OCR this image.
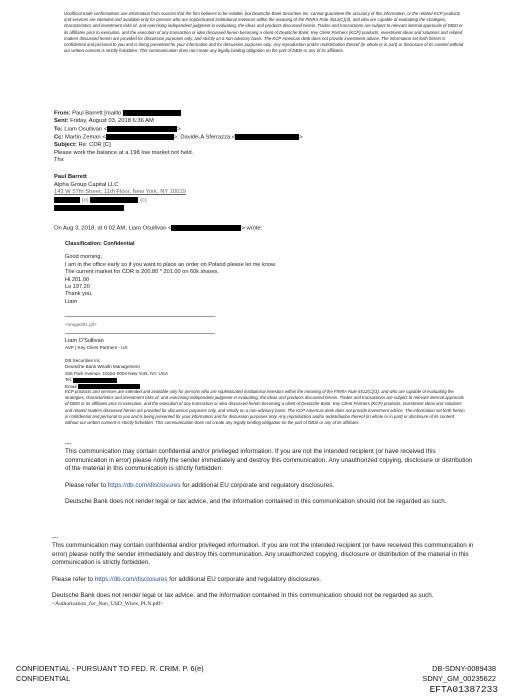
Unofficial trade confirmations use information from sources that the firm believes to be reliable, but Deutsche Bank Securities Inc. cannot guarantee the accuracy of this information, or the related KCP products and services are intended and available only for persons who are sophisticated institutional investors within the meaning of the FINRA Rule 4512(C)(3), and who are capable of evaluating the strategies, characteristics and investment risks of, and exercising independent judgment in evaluating, the ideas and products discussed herein. Trades and transactions are subject to relevant internal approvals of DBSI or its affiliates prior to execution, and the execution of any transaction or idea discussed herein becoming a client of Deutsche Bank. Key Client Partners (KCP) products, investment ideas and solutions and related matters discussed herein are provided for discussion purposes only, and strictly on a non-advisory basis. The KCP Americas desk does not provide investment advice. The information set forth herein is confidential and personal to you and is being presented for your information and for discussion purposes only. Any reproduction and/or redistribution thereof (in whole or in part) or disclosure of its content without our written consent is strictly forbidden. This communication does not create any legally binding obligation on the part of DBSI or any of its affiliates.
From: Paul Barrett [mailto:
Sent: Friday, August 03, 2018 6:36 AM
To: Liam Osullivan <	>
Cc: Martin Zeman <	>; Davide-A Sferrazza <	>
Subject: Re: CDR [C]
Please work the balance at a 198 low market not held.
Thx
Paul Barrett
Alpha Group Capital LLC
142 W 57th Street, 11th Floor, New York, NY 10019
(o)	(c)
On Aug 3, 2018, at 6:02 AM, Liam Osullivan <	> wrote:
Classification: Confidential
Good morning,
I am in the office early so if you want to place an order on Poland please let me know.
The current market for CDR is 200.80 * 201.00 on 60k shares.
Hi 201.00
Lo 197.20
Thank you,
Liam
<image001.gif>
Liam O'Sullivan
AVP | Key Client Partners - US
DB Securities Inc.
Deutsche Bank Wealth Management
345 Park Avenue, 10154-0004 New York, NY, USA
Tel.
Email
KCP products and services are intended and available only for persons who are sophisticated institutional investors within the meaning of the FINRA Rule 4512(C)(3), and who are capable of evaluating the strategies, characteristics and investment risks of, and exercising independent judgment in evaluating, the ideas and products discussed herein. Trades and transactions are subject to relevant internal approvals of DBSI or its affiliates prior to execution, and the execution of any transaction or idea discussed herein becoming a client of Deutsche Bank. Key Client Partners (KCP) products, investment ideas and solutions and related matters discussed herein are provided for discussion purposes only, and strictly on a non-advisory basis. The KCP Americas desk does not provide investment advice. The information set forth herein is confidential and personal to you and is being presented for your information and for discussion purposes only. Any reproduction and/or redistribution thereof (in whole or in part) or disclosure of its content without our written consent is strictly forbidden. This communication does not create any legally binding obligation on the part of DBSI or any of its affiliates.
---
This communication may contain confidential and/or privileged information. If you are not the intended recipient (or have received this communication in error) please notify the sender immediately and destroy this communication. Any unauthorized copying, disclosure or distribution of the material in this communication is strictly forbidden.
Please refer to https://db.com/disclosures for additional EU corporate and regulatory disclosures.
Deutsche Bank does not render legal or tax advice, and the information contained in this communication should not be regarded as such.
---
This communication may contain confidential and/or privileged information. If you are not the intended recipient (or have received this communication in error) please notify the sender immediately and destroy this communication. Any unauthorized copying, disclosure or distribution of the material in this communication is strictly forbidden.
Please refer to https://db.com/disclosures for additional EU corporate and regulatory disclosures.
Deutsche Bank does not render legal or tax advice, and the information contained in this communication should not be regarded as such.
<Authorization_for_Non_USD_Wires_PLN.pdf>
CONFIDENTIAL - PURSUANT TO FED. R. CRIM. P. 6(e)
CONFIDENTIAL
DB-SDNY-0089438
SDNY_GM_00235622
EFTA01387233
